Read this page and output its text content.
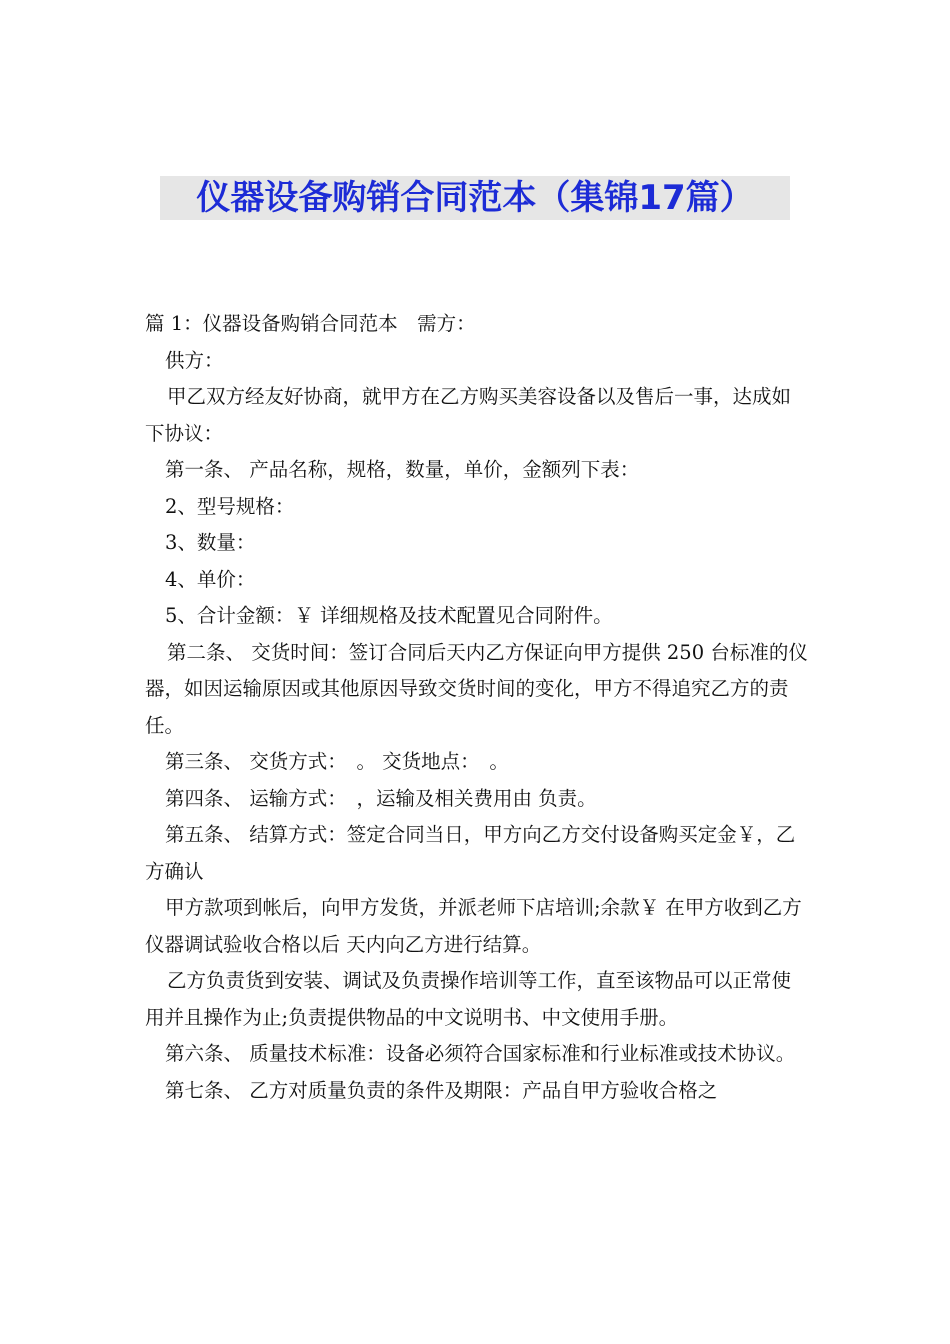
仪器设备购销合同范本（集锦17篇）

篇 1：仪器设备购销合同范本　需方：

供方：

甲乙双方经友好协商，就甲方在乙方购买美容设备以及售后一事，达成如下协议：

第一条、 产品名称，规格，数量，单价，金额列下表：

2、型号规格：

3、数量：

4、单价：

5、合计金额：￥ 详细规格及技术配置见合同附件。

第二条、 交货时间：签订合同后天内乙方保证向甲方提供 250 台标准的仪器，如因运输原因或其他原因导致交货时间的变化，甲方不得追究乙方的责任。

第三条、 交货方式：　。 交货地点：　。

第四条、 运输方式：　，运输及相关费用由 负责。

第五条、 结算方式：签定合同当日，甲方向乙方交付设备购买定金￥，乙方确认

甲方款项到帐后，向甲方发货，并派老师下店培训;余款￥ 在甲方收到乙方仪器调试验收合格以后 天内向乙方进行结算。

乙方负责货到安装、调试及负责操作培训等工作，直至该物品可以正常使用并且操作为止;负责提供物品的中文说明书、中文使用手册。

第六条、 质量技术标准：设备必须符合国家标准和行业标准或技术协议。

第七条、 乙方对质量负责的条件及期限：产品自甲方验收合格之
